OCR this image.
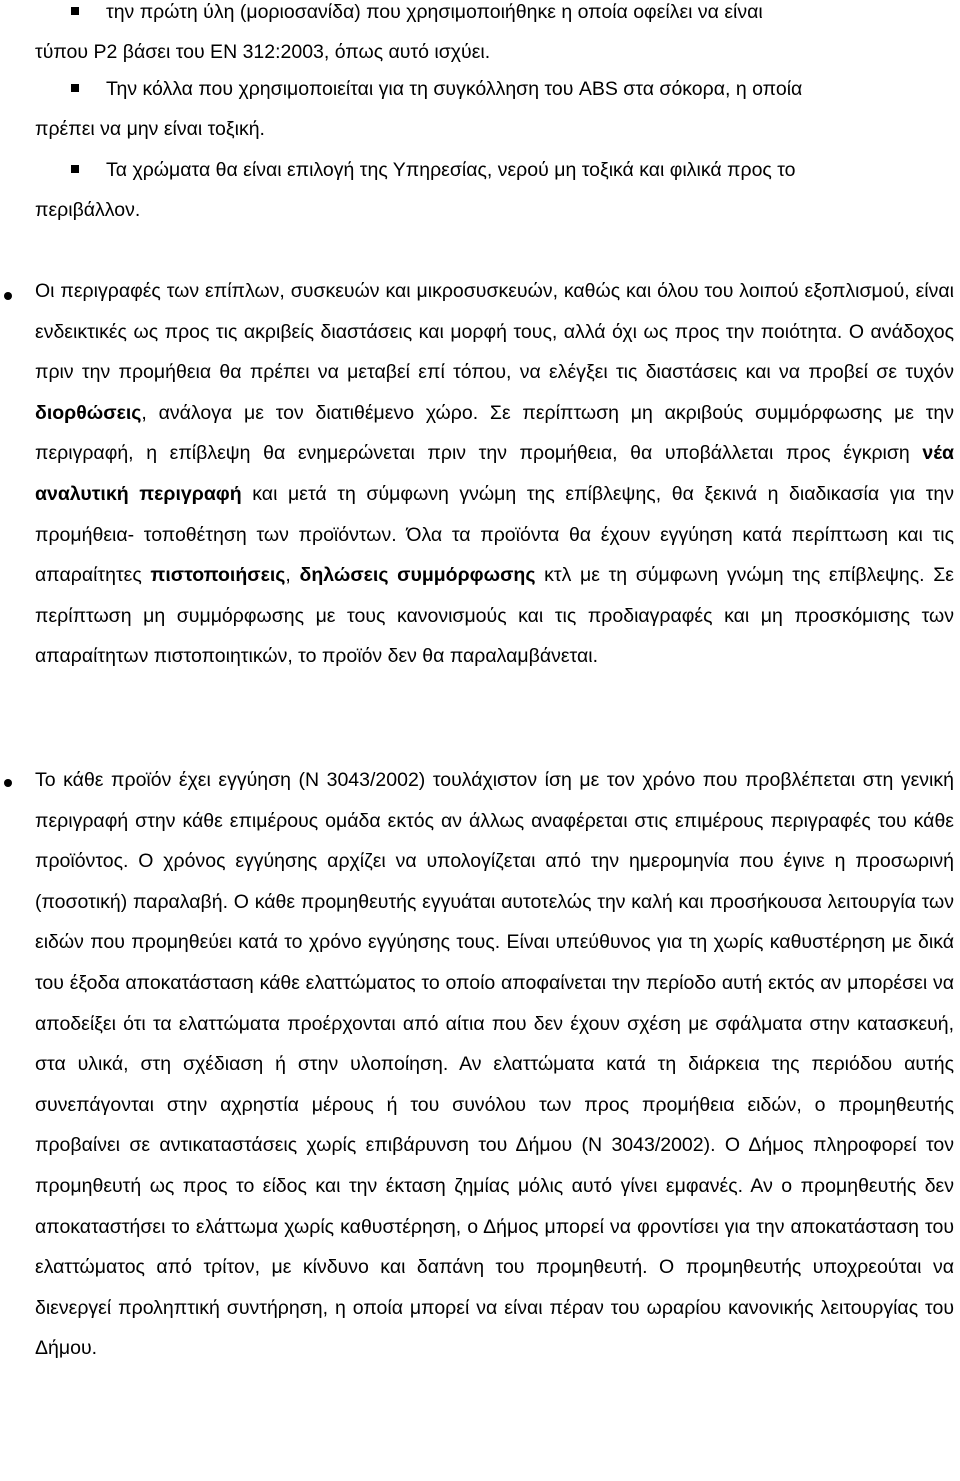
την πρώτη ύλη (μοριοσανίδα) που χρησιμοποιήθηκε η οποία οφείλει να είναι
τύπου P2 βάσει του EN 312:2003, όπως αυτό ισχύει.
Την κόλλα που χρησιμοποιείται για τη συγκόλληση του ABS στα σόκορα, η οποία
πρέπει να μην είναι τοξική.
Τα χρώματα θα είναι επιλογή της Υπηρεσίας, νερού μη τοξικά και φιλικά προς το
περιβάλλον.
Οι περιγραφές των επίπλων, συσκευών και μικροσυσκευών, καθώς και όλου του λοιπού εξοπλισμού, είναι ενδεικτικές ως προς τις ακριβείς διαστάσεις και μορφή τους, αλλά όχι ως προς την ποιότητα. Ο ανάδοχος πριν την προμήθεια θα πρέπει να μεταβεί επί τόπου, να ελέγξει τις διαστάσεις και να προβεί σε τυχόν διορθώσεις, ανάλογα με τον διατιθέμενο χώρο. Σε περίπτωση μη ακριβούς συμμόρφωσης με την περιγραφή, η επίβλεψη θα ενημερώνεται πριν την προμήθεια, θα υποβάλλεται προς έγκριση νέα αναλυτική περιγραφή και μετά τη σύμφωνη γνώμη της επίβλεψης, θα ξεκινά η διαδικασία για την προμήθεια- τοποθέτηση των προϊόντων. Όλα τα προϊόντα θα έχουν εγγύηση κατά περίπτωση και τις απαραίτητες πιστοποιήσεις, δηλώσεις συμμόρφωσης κτλ με τη σύμφωνη γνώμη της επίβλεψης. Σε περίπτωση μη συμμόρφωσης με τους κανονισμούς και τις προδιαγραφές και μη προσκόμισης των απαραίτητων πιστοποιητικών, το προϊόν δεν θα παραλαμβάνεται.
Το κάθε προϊόν έχει εγγύηση (Ν 3043/2002) τουλάχιστον ίση με τον χρόνο που προβλέπεται στη γενική περιγραφή στην κάθε επιμέρους ομάδα εκτός αν άλλως αναφέρεται στις επιμέρους περιγραφές του κάθε προϊόντος. Ο χρόνος εγγύησης αρχίζει να υπολογίζεται από την ημερομηνία που έγινε η προσωρινή (ποσοτική) παραλαβή. Ο κάθε προμηθευτής εγγυάται αυτοτελώς την καλή και προσήκουσα λειτουργία των ειδών που προμηθεύει κατά το χρόνο εγγύησης τους. Είναι υπεύθυνος για τη χωρίς καθυστέρηση με δικά του έξοδα αποκατάσταση κάθε ελαττώματος το οποίο αποφαίνεται την περίοδο αυτή εκτός αν μπορέσει να αποδείξει ότι τα ελαττώματα προέρχονται από αίτια που δεν έχουν σχέση με σφάλματα στην κατασκευή, στα υλικά, στη σχέδιαση ή στην υλοποίηση. Αν ελαττώματα κατά τη διάρκεια της περιόδου αυτής συνεπάγονται στην αχρηστία μέρους ή του συνόλου των προς προμήθεια ειδών, ο προμηθευτής προβαίνει σε αντικαταστάσεις χωρίς επιβάρυνση του Δήμου (Ν 3043/2002). Ο Δήμος πληροφορεί τον προμηθευτή ως προς το είδος και την έκταση ζημίας μόλις αυτό γίνει εμφανές. Αν ο προμηθευτής δεν αποκαταστήσει το ελάττωμα χωρίς καθυστέρηση, ο Δήμος μπορεί να φροντίσει για την αποκατάσταση του ελαττώματος από τρίτον, με κίνδυνο και δαπάνη του προμηθευτή. Ο προμηθευτής υποχρεούται να διενεργεί προληπτική συντήρηση, η οποία μπορεί να είναι πέραν του ωραρίου κανονικής λειτουργίας του Δήμου.
